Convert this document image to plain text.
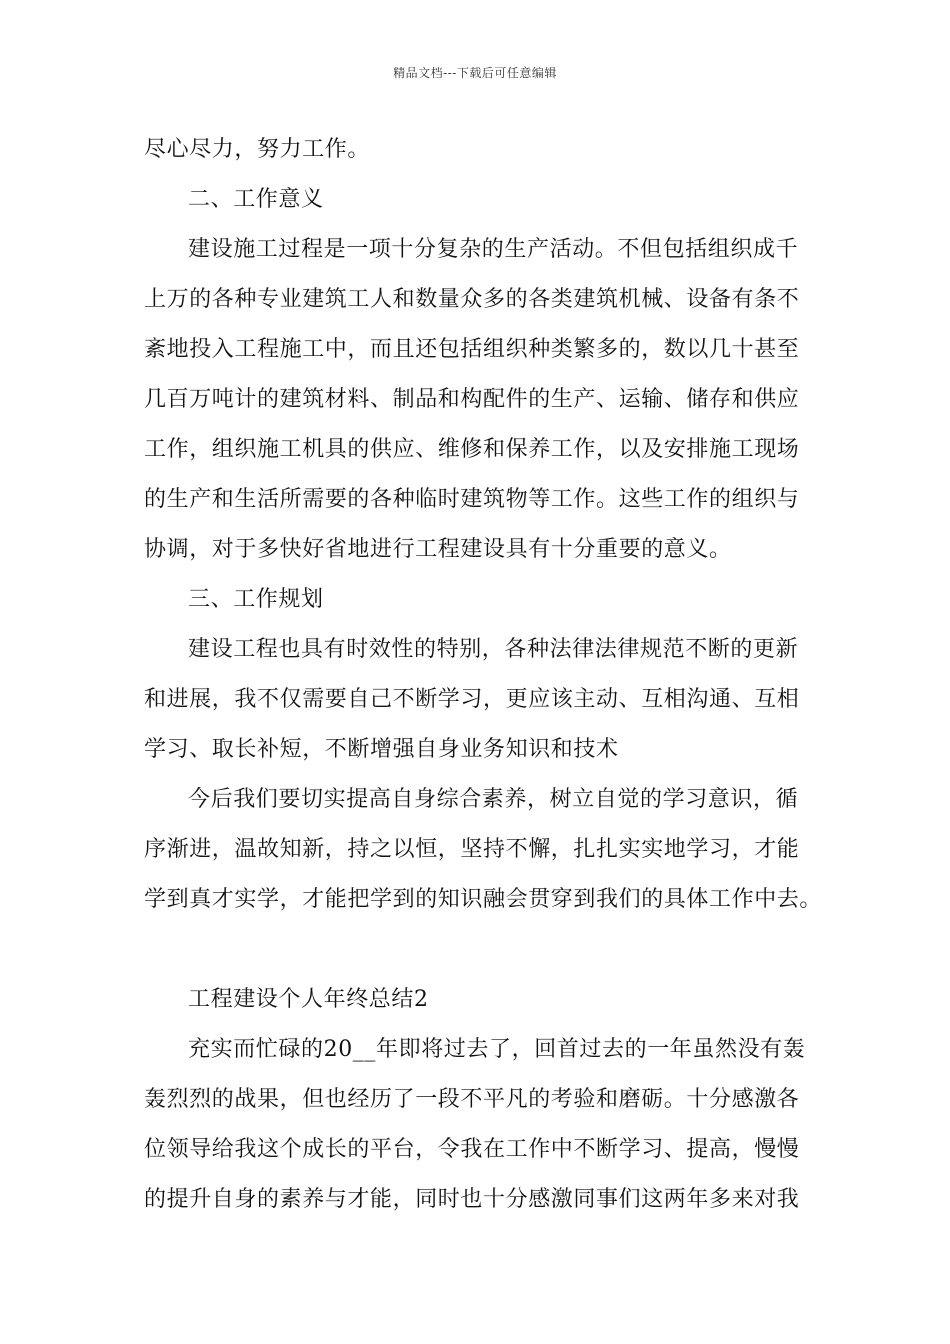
精品文档---下载后可任意编辑
尽心尽力，努力工作。
二、工作意义
建设施工过程是一项十分复杂的生产活动。不但包括组织成千
上万的各种专业建筑工人和数量众多的各类建筑机械、设备有条不
紊地投入工程施工中，而且还包括组织种类繁多的，数以几十甚至
几百万吨计的建筑材料、制品和构配件的生产、运输、储存和供应
工作，组织施工机具的供应、维修和保养工作，以及安排施工现场
的生产和生活所需要的各种临时建筑物等工作。这些工作的组织与
协调，对于多快好省地进行工程建设具有十分重要的意义。
三、工作规划
建设工程也具有时效性的特别，各种法律法律规范不断的更新
和进展，我不仅需要自己不断学习，更应该主动、互相沟通、互相
学习、取长补短，不断增强自身业务知识和技术
今后我们要切实提高自身综合素养，树立自觉的学习意识，循
序渐进，温故知新，持之以恒，坚持不懈，扎扎实实地学习，才能
学到真才实学，才能把学到的知识融会贯穿到我们的具体工作中去。
工程建设个人年终总结2
充实而忙碌的20__年即将过去了，回首过去的一年虽然没有轰
轰烈烈的战果，但也经历了一段不平凡的考验和磨砺。十分感激各
位领导给我这个成长的平台，令我在工作中不断学习、提高，慢慢
的提升自身的素养与才能，同时也十分感激同事们这两年多来对我
